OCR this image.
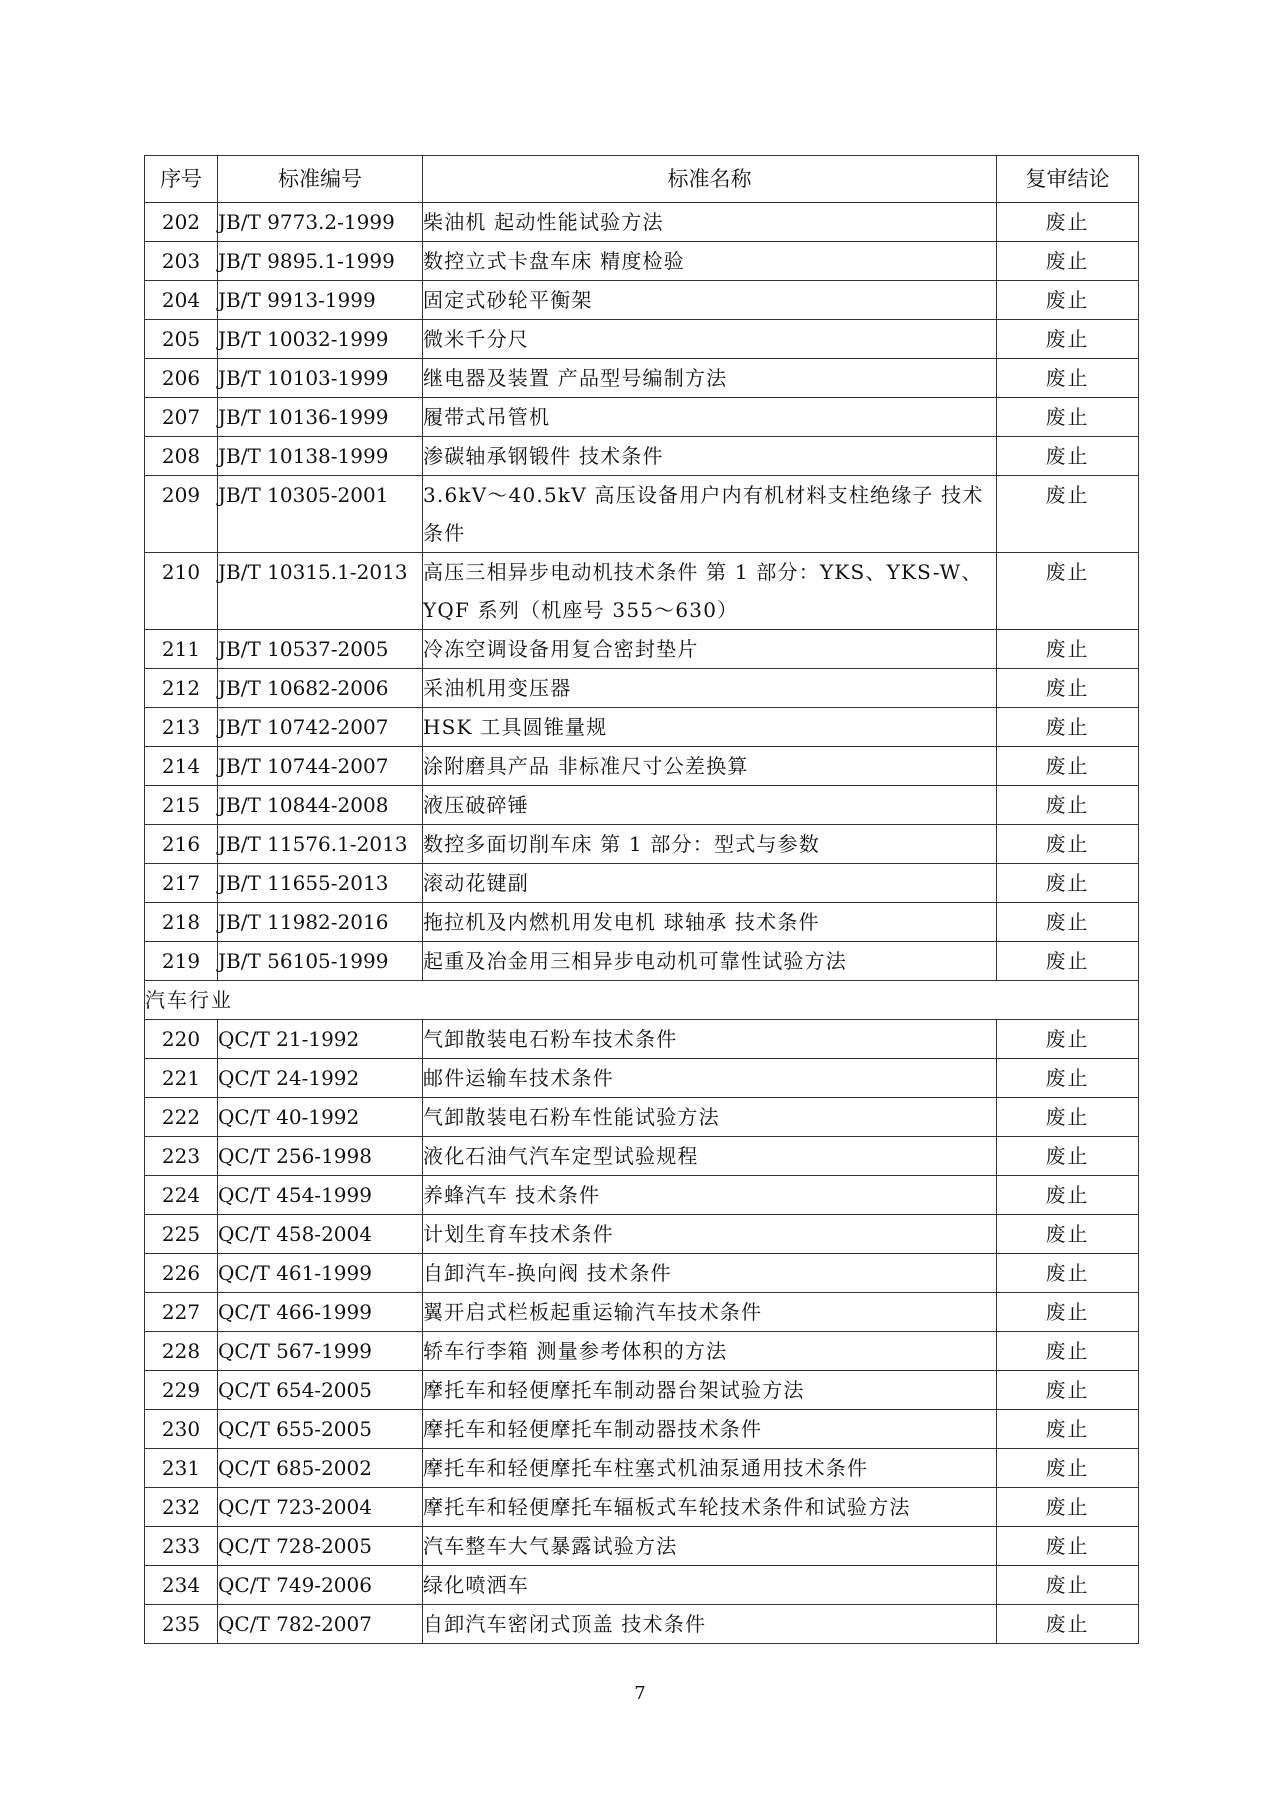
序号	标准编号	标准名称	复审结论
202	JB/T 9773.2-1999	柴油机 起动性能试验方法	废止
203	JB/T 9895.1-1999	数控立式卡盘车床 精度检验	废止
204	JB/T 9913-1999	固定式砂轮平衡架	废止
205	JB/T 10032-1999	微米千分尺	废止
206	JB/T 10103-1999	继电器及装置 产品型号编制方法	废止
207	JB/T 10136-1999	履带式吊管机	废止
208	JB/T 10138-1999	渗碳轴承钢锻件 技术条件	废止
209	JB/T 10305-2001	3.6kV～40.5kV 高压设备用户内有机材料支柱绝缘子 技术条件	废止
210	JB/T 10315.1-2013	高压三相异步电动机技术条件 第 1 部分：YKS、YKS-W、YQF 系列（机座号 355～630）	废止
211	JB/T 10537-2005	冷冻空调设备用复合密封垫片	废止
212	JB/T 10682-2006	采油机用变压器	废止
213	JB/T 10742-2007	HSK 工具圆锥量规	废止
214	JB/T 10744-2007	涂附磨具产品 非标准尺寸公差换算	废止
215	JB/T 10844-2008	液压破碎锤	废止
216	JB/T 11576.1-2013	数控多面切削车床 第 1 部分：型式与参数	废止
217	JB/T 11655-2013	滚动花键副	废止
218	JB/T 11982-2016	拖拉机及内燃机用发电机 球轴承 技术条件	废止
219	JB/T 56105-1999	起重及冶金用三相异步电动机可靠性试验方法	废止
汽车行业			
220	QC/T 21-1992	气卸散装电石粉车技术条件	废止
221	QC/T 24-1992	邮件运输车技术条件	废止
222	QC/T 40-1992	气卸散装电石粉车性能试验方法	废止
223	QC/T 256-1998	液化石油气汽车定型试验规程	废止
224	QC/T 454-1999	养蜂汽车 技术条件	废止
225	QC/T 458-2004	计划生育车技术条件	废止
226	QC/T 461-1999	自卸汽车-换向阀 技术条件	废止
227	QC/T 466-1999	翼开启式栏板起重运输汽车技术条件	废止
228	QC/T 567-1999	轿车行李箱 测量参考体积的方法	废止
229	QC/T 654-2005	摩托车和轻便摩托车制动器台架试验方法	废止
230	QC/T 655-2005	摩托车和轻便摩托车制动器技术条件	废止
231	QC/T 685-2002	摩托车和轻便摩托车柱塞式机油泵通用技术条件	废止
232	QC/T 723-2004	摩托车和轻便摩托车辐板式车轮技术条件和试验方法	废止
233	QC/T 728-2005	汽车整车大气暴露试验方法	废止
234	QC/T 749-2006	绿化喷洒车	废止
235	QC/T 782-2007	自卸汽车密闭式顶盖 技术条件	废止
7
